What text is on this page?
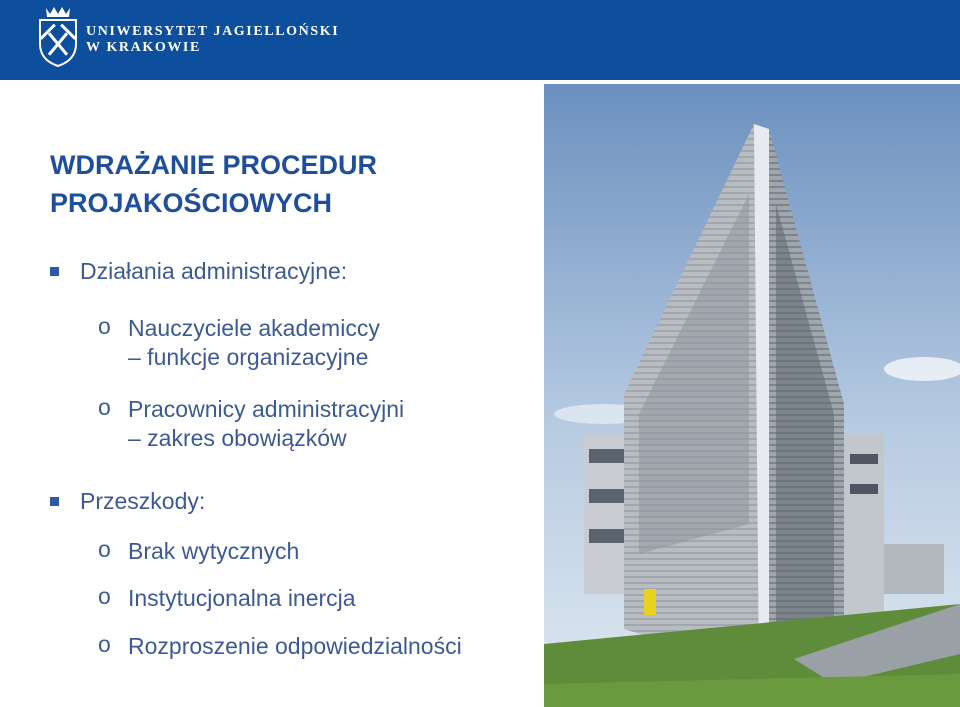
UNIWERSYTET JAGIELLOŃSKI
W KRAKOWIE
WDRAŻANIE PROCEDUR
PROJAKOŚCIOWYCH
Działania administracyjne:
o Nauczyciele akademiccy
– funkcje organizacyjne
o Pracownicy administracyjni
– zakres obowiązków
Przeszkody:
o Brak wytycznych
o Instytucjonalna inercja
o Rozproszenie odpowiedzialności
